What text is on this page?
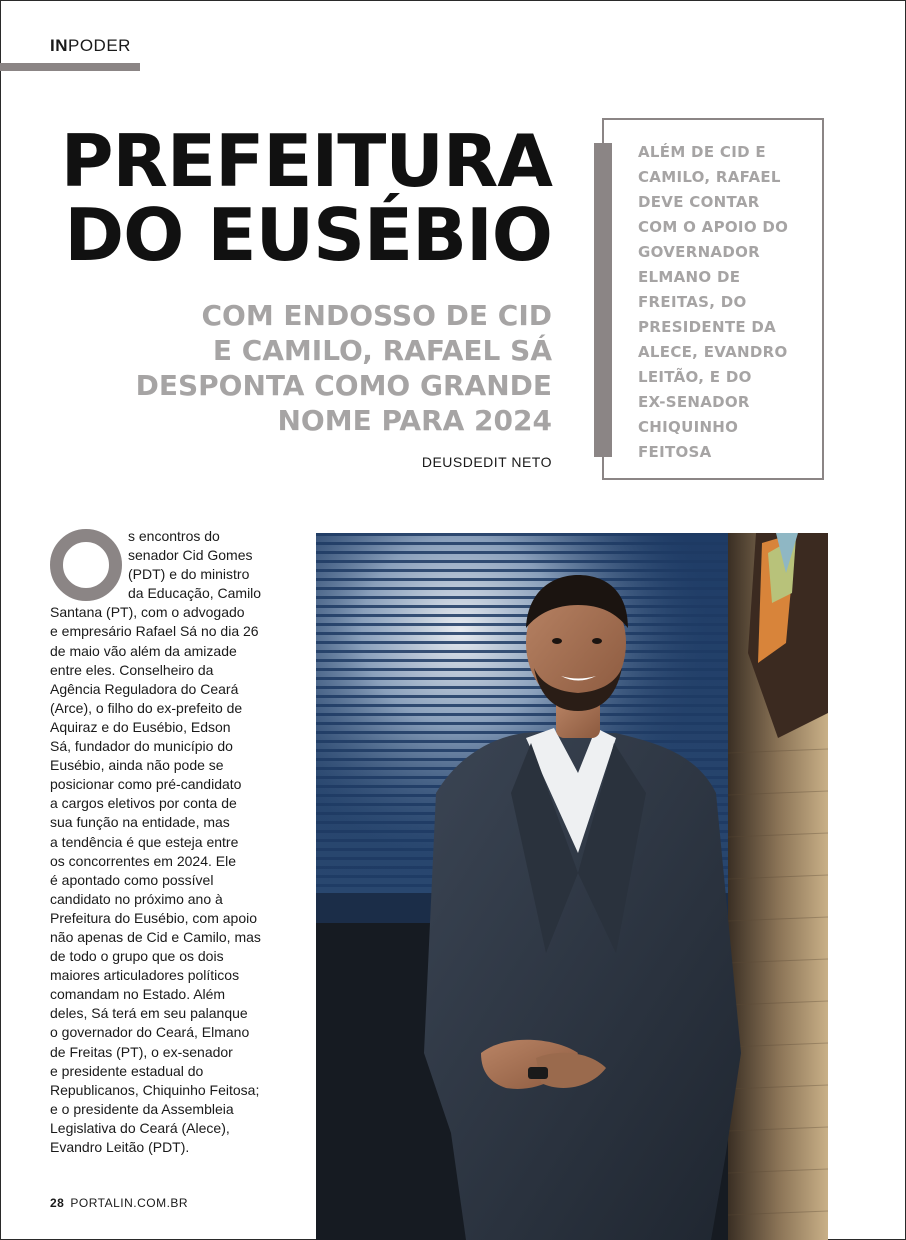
INPODER
PREFEITURA
DO EUSÉBIO
COM ENDOSSO DE CID
E CAMILO, RAFAEL SÁ
DESPONTA COMO GRANDE
NOME PARA 2024
DEUSDEDIT NETO
ALÉM DE CID E
CAMILO, RAFAEL
DEVE CONTAR
COM O APOIO DO
GOVERNADOR
ELMANO DE
FREITAS, DO
PRESIDENTE DA
ALECE, EVANDRO
LEITÃO, E DO
EX-SENADOR
CHIQUINHO
FEITOSA
s encontros do
senador Cid Gomes
(PDT) e do ministro
da Educação, Camilo
Santana (PT), com o advogado
e empresário Rafael Sá no dia 26
de maio vão além da amizade
entre eles. Conselheiro da
Agência Reguladora do Ceará
(Arce), o filho do ex-prefeito de
Aquiraz e do Eusébio, Edson
Sá, fundador do município do
Eusébio, ainda não pode se
posicionar como pré-candidato
a cargos eletivos por conta de
sua função na entidade, mas
a tendência é que esteja entre
os concorrentes em 2024. Ele
é apontado como possível
candidato no próximo ano à
Prefeitura do Eusébio, com apoio
não apenas de Cid e Camilo, mas
de todo o grupo que os dois
maiores articuladores políticos
comandam no Estado. Além
deles, Sá terá em seu palanque
o governador do Ceará, Elmano
de Freitas (PT), o ex-senador
e presidente estadual do
Republicanos, Chiquinho Feitosa;
e o presidente da Assembleia
Legislativa do Ceará (Alece),
Evandro Leitão (PDT).
28 PORTALIN.COM.BR
